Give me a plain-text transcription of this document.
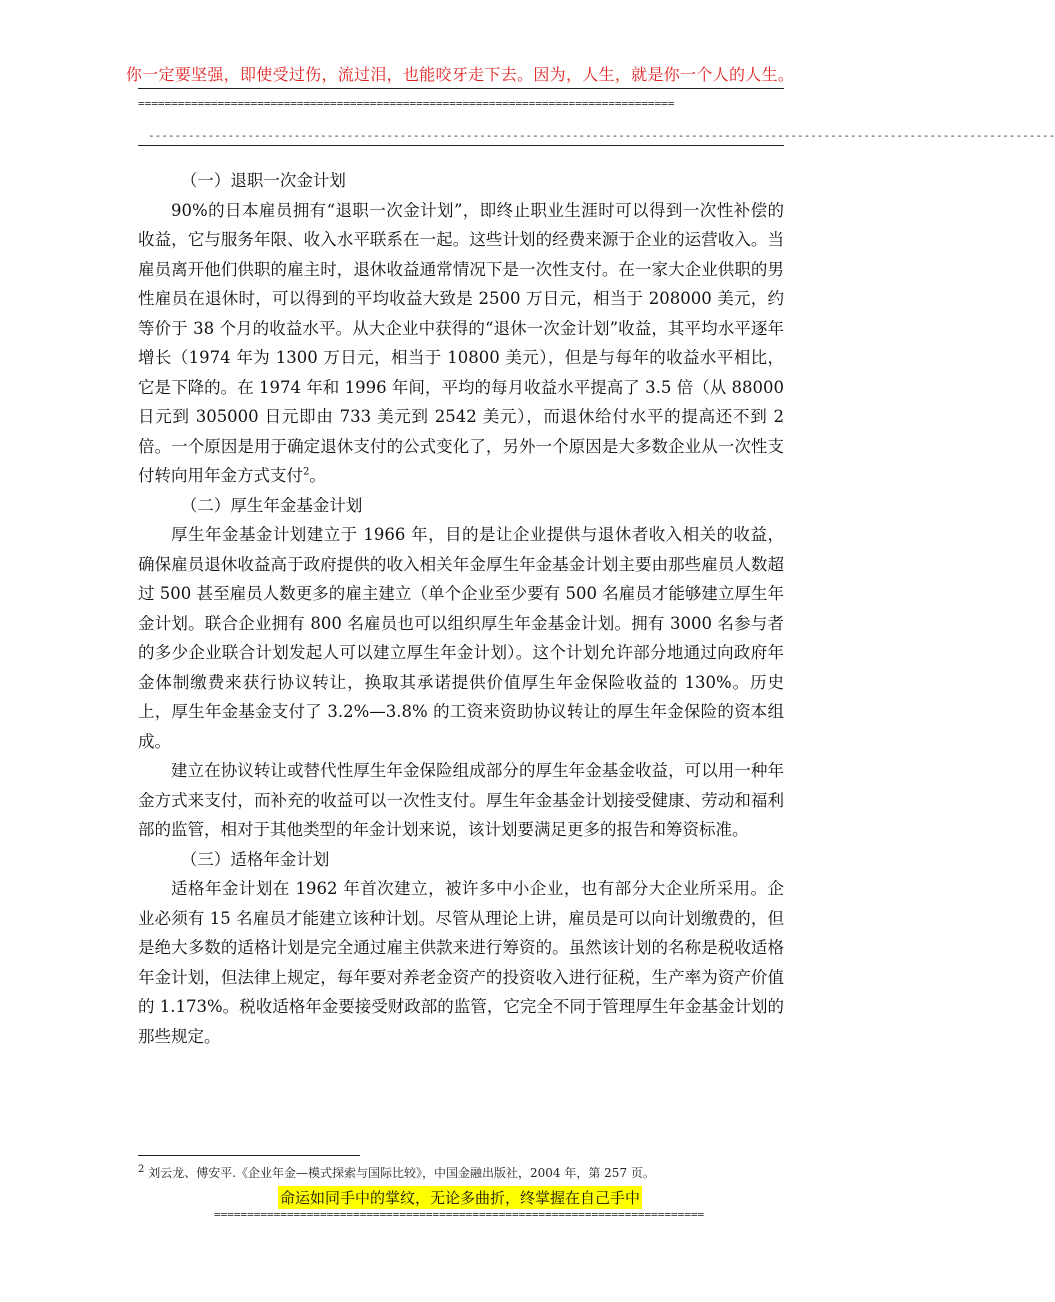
你一定要坚强，即使受过伤，流过泪，也能咬牙走下去。因为，人生，就是你一个人的人生。
=================================================================================
-----------------------------------------------------------------------------------------------------------------------------------------

（一）退职一次金计划

90%的日本雇员拥有“退职一次金计划”，即终止职业生涯时可以得到一次性补偿的收益，它与服务年限、收入水平联系在一起。这些计划的经费来源于企业的运营收入。当雇员离开他们供职的雇主时，退休收益通常情况下是一次性支付。在一家大企业供职的男性雇员在退休时，可以得到的平均收益大致是 2500 万日元，相当于 208000 美元，约等价于 38 个月的收益水平。从大企业中获得的“退休一次金计划”收益，其平均水平逐年增长（1974 年为 1300 万日元，相当于 10800 美元），但是与每年的收益水平相比，它是下降的。在 1974 年和 1996 年间，平均的每月收益水平提高了 3.5 倍（从 88000 日元到 305000 日元即由 733 美元到 2542 美元），而退休给付水平的提高还不到 2 倍。一个原因是用于确定退休支付的公式变化了，另外一个原因是大多数企业从一次性支付转向用年金方式支付$^2$。

（二）厚生年金基金计划

厚生年金基金计划建立于 1966 年，目的是让企业提供与退休者收入相关的收益，确保雇员退休收益高于政府提供的收入相关年金厚生年金基金计划主要由那些雇员人数超过 500 甚至雇员人数更多的雇主建立（单个企业至少要有 500 名雇员才能够建立厚生年金计划。联合企业拥有 800 名雇员也可以组织厚生年金基金计划。拥有 3000 名参与者的多少企业联合计划发起人可以建立厚生年金计划）。这个计划允许部分地通过向政府年金体制缴费来获行协议转让，换取其承诺提供价值厚生年金保险收益的 130%。历史上，厚生年金基金支付了 3.2%—3.8% 的工资来资助协议转让的厚生年金保险的资本组成。

建立在协议转让或替代性厚生年金保险组成部分的厚生年金基金收益，可以用一种年金方式来支付，而补充的收益可以一次性支付。厚生年金基金计划接受健康、劳动和福利部的监管，相对于其他类型的年金计划来说，该计划要满足更多的报告和筹资标准。

（三）适格年金计划

适格年金计划在 1962 年首次建立，被许多中小企业，也有部分大企业所采用。企业必须有 15 名雇员才能建立该种计划。尽管从理论上讲，雇员是可以向计划缴费的，但是绝大多数的适格计划是完全通过雇主供款来进行筹资的。虽然该计划的名称是税收适格年金计划，但法律上规定，每年要对养老金资产的投资收入进行征税，生产率为资产价值的 1.173%。税收适格年金要接受财政部的监管，它完全不同于管理厚生年金基金计划的那些规定。

$^2$ 刘云龙、傅安平.《企业年金—模式探索与国际比较》，中国金融出版社，2004 年，第 257 页。
命运如同手中的掌纹，无论多曲折，终掌握在自己手中
==========================================================================
